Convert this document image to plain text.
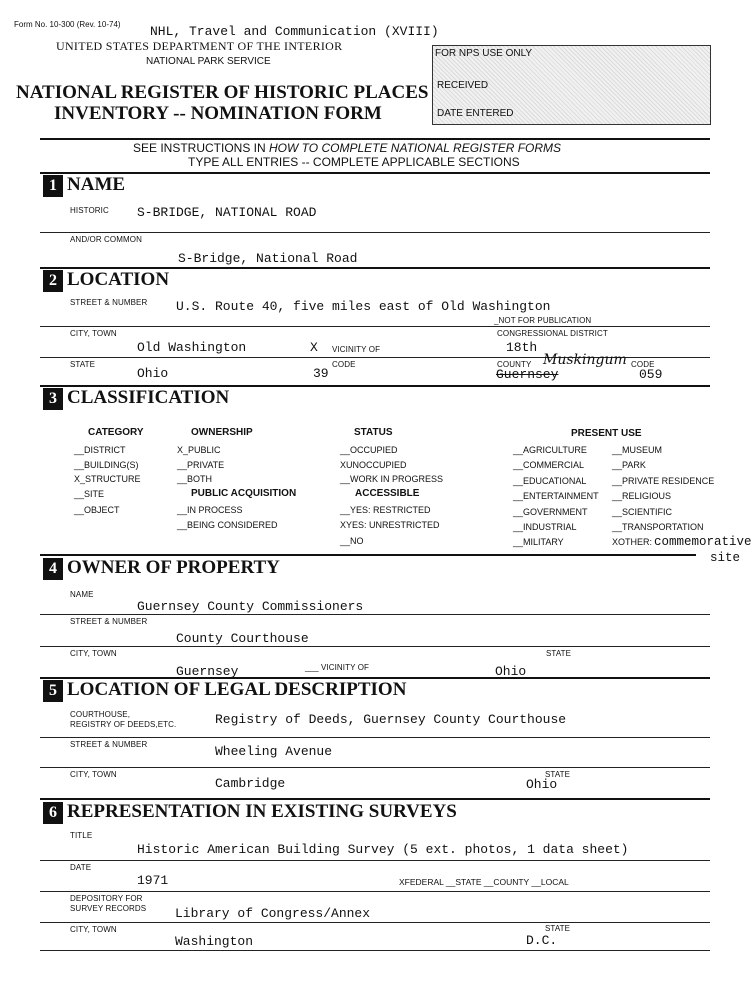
Form No. 10-300 (Rev. 10-74) NHL, Travel and Communication (XVIII)
UNITED STATES DEPARTMENT OF THE INTERIOR
NATIONAL PARK SERVICE
NATIONAL REGISTER OF HISTORIC PLACES
INVENTORY -- NOMINATION FORM
FOR NPS USE ONLY
RECEIVED
DATE ENTERED
SEE INSTRUCTIONS IN HOW TO COMPLETE NATIONAL REGISTER FORMS
TYPE ALL ENTRIES -- COMPLETE APPLICABLE SECTIONS
1 NAME
HISTORIC S-BRIDGE, NATIONAL ROAD
AND/OR COMMON
S-Bridge, National Road
2 LOCATION
STREET & NUMBER U.S. Route 40, five miles east of Old Washington
_NOT FOR PUBLICATION
CITY, TOWN
Old Washington	X VICINITY OF
CONGRESSIONAL DISTRICT
18th
STATE
Ohio
CODE
39
COUNTY Muskingum
Guernsey
CODE
059
3 CLASSIFICATION
CATEGORY
__DISTRICT
__BUILDING(S)
X_STRUCTURE
__SITE
__OBJECT
OWNERSHIP
X_PUBLIC
__PRIVATE
__BOTH
PUBLIC ACQUISITION
__IN PROCESS
__BEING CONSIDERED
STATUS
__OCCUPIED
XUNOCCUPIED
__WORK IN PROGRESS
ACCESSIBLE
__YES: RESTRICTED
XYES: UNRESTRICTED
__NO
PRESENT USE
__AGRICULTURE
__COMMERCIAL
__EDUCATIONAL
__ENTERTAINMENT
__GOVERNMENT
__INDUSTRIAL
__MILITARY
__MUSEUM
__PARK
__PRIVATE RESIDENCE
__RELIGIOUS
__SCIENTIFIC
__TRANSPORTATION
XOTHER: commemorative
site
4 OWNER OF PROPERTY
NAME
Guernsey County Commissioners
STREET & NUMBER
County Courthouse
CITY, TOWN
Guernsey	___ VICINITY OF
STATE
Ohio
5 LOCATION OF LEGAL DESCRIPTION
COURTHOUSE,
REGISTRY OF DEEDS,ETC.	Registry of Deeds, Guernsey County Courthouse
STREET & NUMBER	Wheeling Avenue
CITY, TOWN
Cambridge
STATE
Ohio
6 REPRESENTATION IN EXISTING SURVEYS
TITLE
Historic American Building Survey (5 ext. photos, 1 data sheet)
DATE
1971	XFEDERAL __STATE __COUNTY __LOCAL
DEPOSITORY FOR
SURVEY RECORDS Library of Congress/Annex
CITY, TOWN
Washington
STATE
D.C.
